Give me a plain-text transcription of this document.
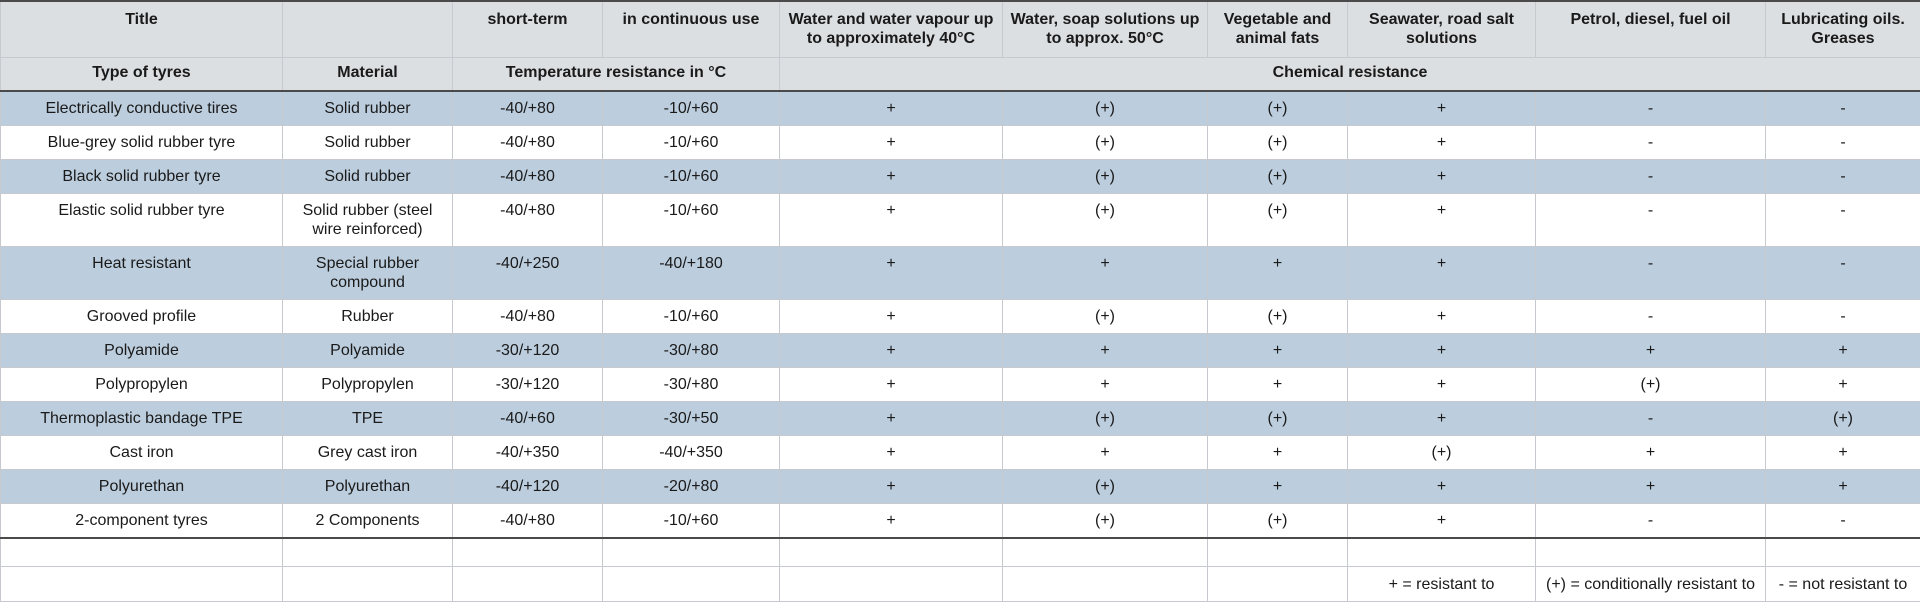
Title		short-term	in continuous use	Water and water vapour up to approximately 40°C	Water, soap solutions up to approx. 50°C	Vegetable and animal fats	Seawater, road salt solutions	Petrol, diesel, fuel oil	Lubricating oils. Greases
Type of tyres	Material	Temperature resistance in °C		Chemical resistance					
Electrically conductive tires	Solid rubber	-40/+80	-10/+60	+	(+)	(+)	+	-	-
Blue-grey solid rubber tyre	Solid rubber	-40/+80	-10/+60	+	(+)	(+)	+	-	-
Black solid rubber tyre	Solid rubber	-40/+80	-10/+60	+	(+)	(+)	+	-	-
Elastic solid rubber tyre	Solid rubber (steel wire reinforced)	-40/+80	-10/+60	+	(+)	(+)	+	-	-
Heat resistant	Special rubber compound	-40/+250	-40/+180	+	+	+	+	-	-
Grooved profile	Rubber	-40/+80	-10/+60	+	(+)	(+)	+	-	-
Polyamide	Polyamide	-30/+120	-30/+80	+	+	+	+	+	+
Polypropylen	Polypropylen	-30/+120	-30/+80	+	+	+	+	(+)	+
Thermoplastic bandage TPE	TPE	-40/+60	-30/+50	+	(+)	(+)	+	-	(+)
Cast iron	Grey cast iron	-40/+350	-40/+350	+	+	+	(+)	+	+
Polyurethan	Polyurethan	-40/+120	-20/+80	+	(+)	+	+	+	+
2-component tyres	2 Components	-40/+80	-10/+60	+	(+)	(+)	+	-	-

							+ = resistant to	(+) = conditionally resistant to	- = not resistant to
